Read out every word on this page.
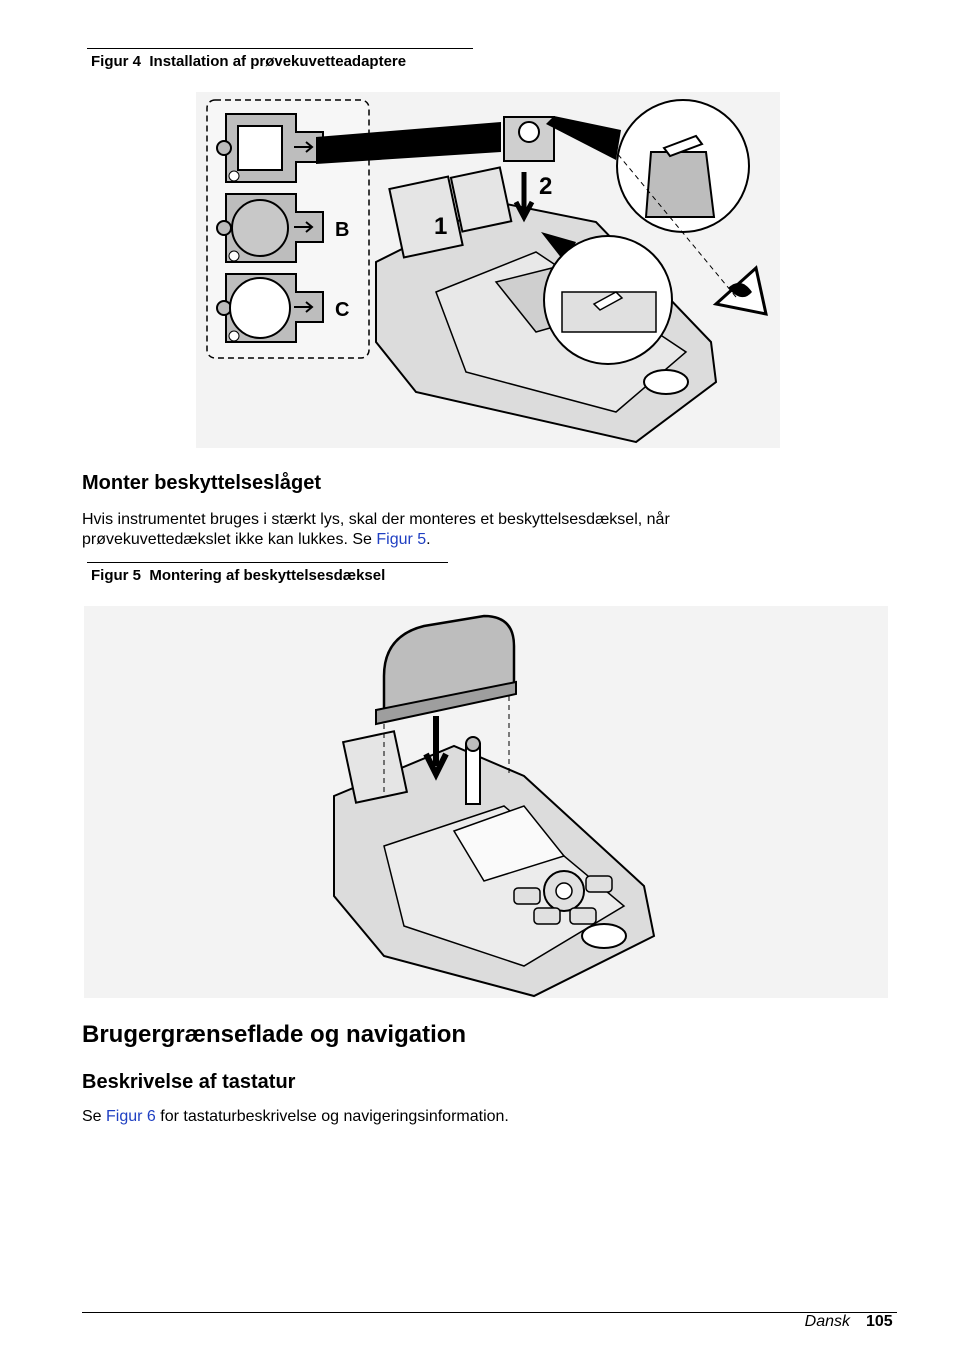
Figur 4 Installation af prøvekuvetteadaptere
B
C
2
1
Monter beskyttelseslåget
Hvis instrumentet bruges i stærkt lys, skal der monteres et beskyttelsesdæksel, når prøvekuvettedækslet ikke kan lukkes. Se Figur 5.
Figur 5 Montering af beskyttelsesdæksel
Brugergrænseflade og navigation
Beskrivelse af tastatur
Se Figur 6 for tastaturbeskrivelse og navigeringsinformation.
Dansk 105
